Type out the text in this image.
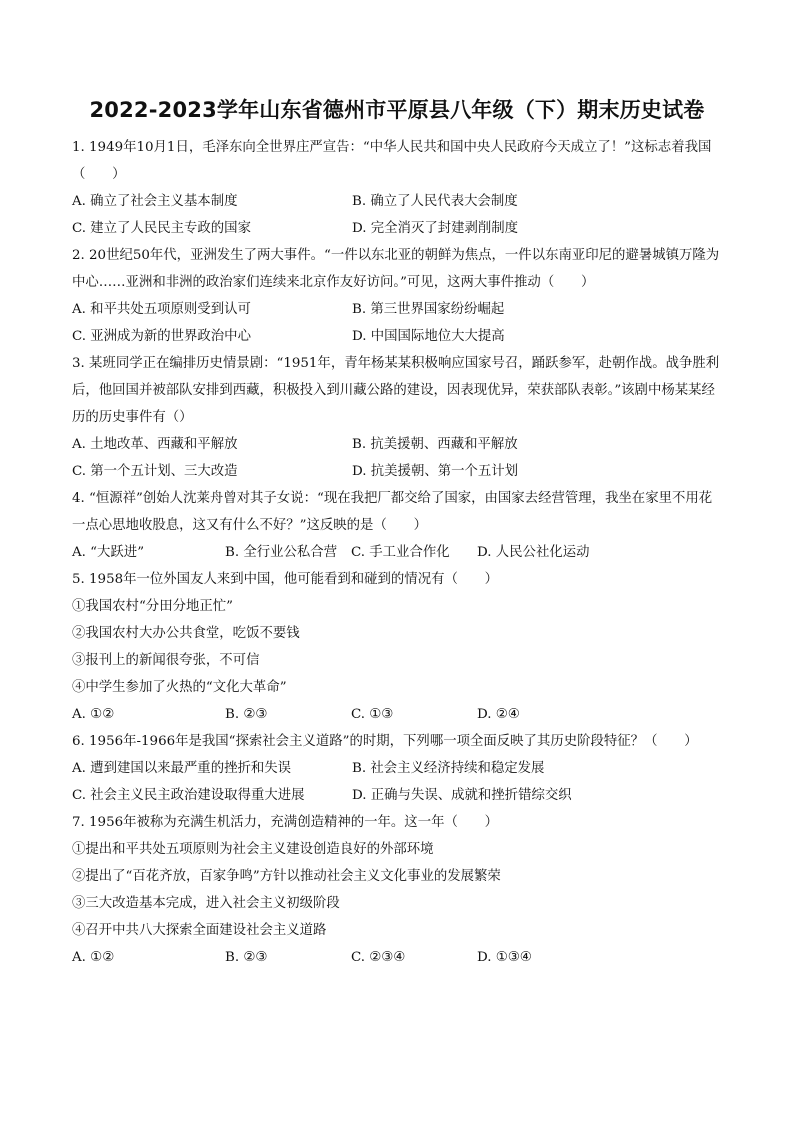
2022-2023学年山东省德州市平原县八年级（下）期末历史试卷
1. 1949年10月1日，毛泽东向全世界庄严宣告：“中华人民共和国中央人民政府今天成立了！”这标志着我国（　　）
A. 确立了社会主义基本制度	B. 确立了人民代表大会制度
C. 建立了人民民主专政的国家	D. 完全消灭了封建剥削制度
2. 20世纪50年代，亚洲发生了两大事件。“一件以东北亚的朝鲜为焦点，一件以东南亚印尼的避暑城镇万隆为中心……亚洲和非洲的政治家们连续来北京作友好访问。”可见，这两大事件推动（　　）
A. 和平共处五项原则受到认可	B. 第三世界国家纷纷崛起
C. 亚洲成为新的世界政治中心	D. 中国国际地位大大提高
3. 某班同学正在编排历史情景剧：“1951年，青年杨某某积极响应国家号召，踊跃参军，赴朝作战。战争胜利后，他回国并被部队安排到西藏，积极投入到川藏公路的建设，因表现优异，荣获部队表彰。”该剧中杨某某经历的历史事件有（）
A. 土地改革、西藏和平解放	B. 抗美援朝、西藏和平解放
C. 第一个五计划、三大改造	D. 抗美援朝、第一个五计划
4. “恒源祥”创始人沈莱舟曾对其子女说：“现在我把厂都交给了国家，由国家去经营管理，我坐在家里不用花一点心思地收股息，这又有什么不好？”这反映的是（　　）
A. “大跃进”	B. 全行业公私合营	C. 手工业合作化	D. 人民公社化运动
5. 1958年一位外国友人来到中国，他可能看到和碰到的情况有（　　）
①我国农村“分田分地正忙”
②我国农村大办公共食堂，吃饭不要钱
③报刊上的新闻很夸张，不可信
④中学生参加了火热的“文化大革命”
A. ①②	B. ②③	C. ①③	D. ②④
6. 1956年-1966年是我国“探索社会主义道路”的时期，下列哪一项全面反映了其历史阶段特征？（　　）
A. 遭到建国以来最严重的挫折和失误	B. 社会主义经济持续和稳定发展
C. 社会主义民主政治建设取得重大进展	D. 正确与失误、成就和挫折错综交织
7. 1956年被称为充满生机活力，充满创造精神的一年。这一年（　　）
①提出和平共处五项原则为社会主义建设创造良好的外部环境
②提出了“百花齐放，百家争鸣”方针以推动社会主义文化事业的发展繁荣
③三大改造基本完成，进入社会主义初级阶段
④召开中共八大探索全面建设社会主义道路
A. ①②	B. ②③	C. ②③④	D. ①③④
